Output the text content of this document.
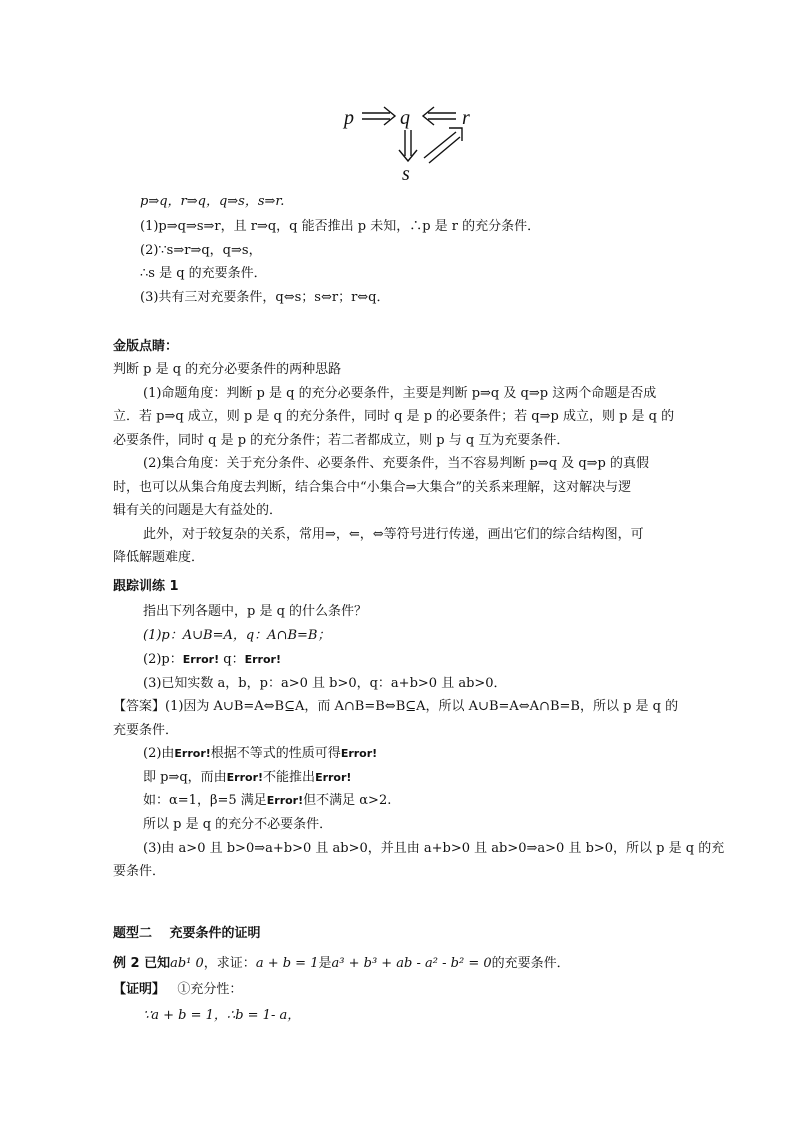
p q	r
s
p⇒q，r⇒q，q⇒s，s⇒r.
(1)p⇒q⇒s⇒r，且 r⇒q，q 能否推出 p 未知，∴p 是 r 的充分条件．
(2)∵s⇒r⇒q，q⇒s，
∴s 是 q 的充要条件．
(3)共有三对充要条件，q⇔s；s⇔r；r⇔q．
金版点睛：
判断 p 是 q 的充分必要条件的两种思路
(1)命题角度：判断 p 是 q 的充分必要条件，主要是判断 p⇒q 及 q⇒p 这两个命题是否成
立．若 p⇒q 成立，则 p 是 q 的充分条件，同时 q 是 p 的必要条件；若 q⇒p 成立，则 p 是 q 的
必要条件，同时 q 是 p 的充分条件；若二者都成立，则 p 与 q 互为充要条件．
(2)集合角度：关于充分条件、必要条件、充要条件，当不容易判断 p⇒q 及 q⇒p 的真假
时，也可以从集合角度去判断，结合集合中“小集合⇒大集合”的关系来理解，这对解决与逻
辑有关的问题是大有益处的．
此外，对于较复杂的关系，常用⇒，⇐，⇔等符号进行传递，画出它们的综合结构图，可
降低解题难度．
跟踪训练 1
指出下列各题中，p 是 q 的什么条件？
(1)p：A∪B=A，q：A∩B=B；
(2)p：Error! q：Error!
(3)已知实数 a，b，p：a>0 且 b>0，q：a+b>0 且 ab>0．
【答案】(1)因为 A∪B=A⇔B⊆A，而 A∩B=B⇔B⊆A，所以 A∪B=A⇔A∩B=B，所以 p 是 q 的
充要条件．
(2)由Error!根据不等式的性质可得Error!
即 p⇒q，而由Error!不能推出Error!
如：α=1，β=5 满足Error!但不满足 α>2.
所以 p 是 q 的充分不必要条件．
(3)由 a>0 且 b>0⇒a+b>0 且 ab>0，并且由 a+b>0 且 ab>0⇒a>0 且 b>0，所以 p 是 q 的充
要条件．
题型二　 充要条件的证明
例 2 已知ab¹ 0，求证：a + b = 1是a³ + b³ + ab - a² - b² = 0的充要条件．
【证明】 ①充分性：
∵a + b = 1，∴b = 1- a，
